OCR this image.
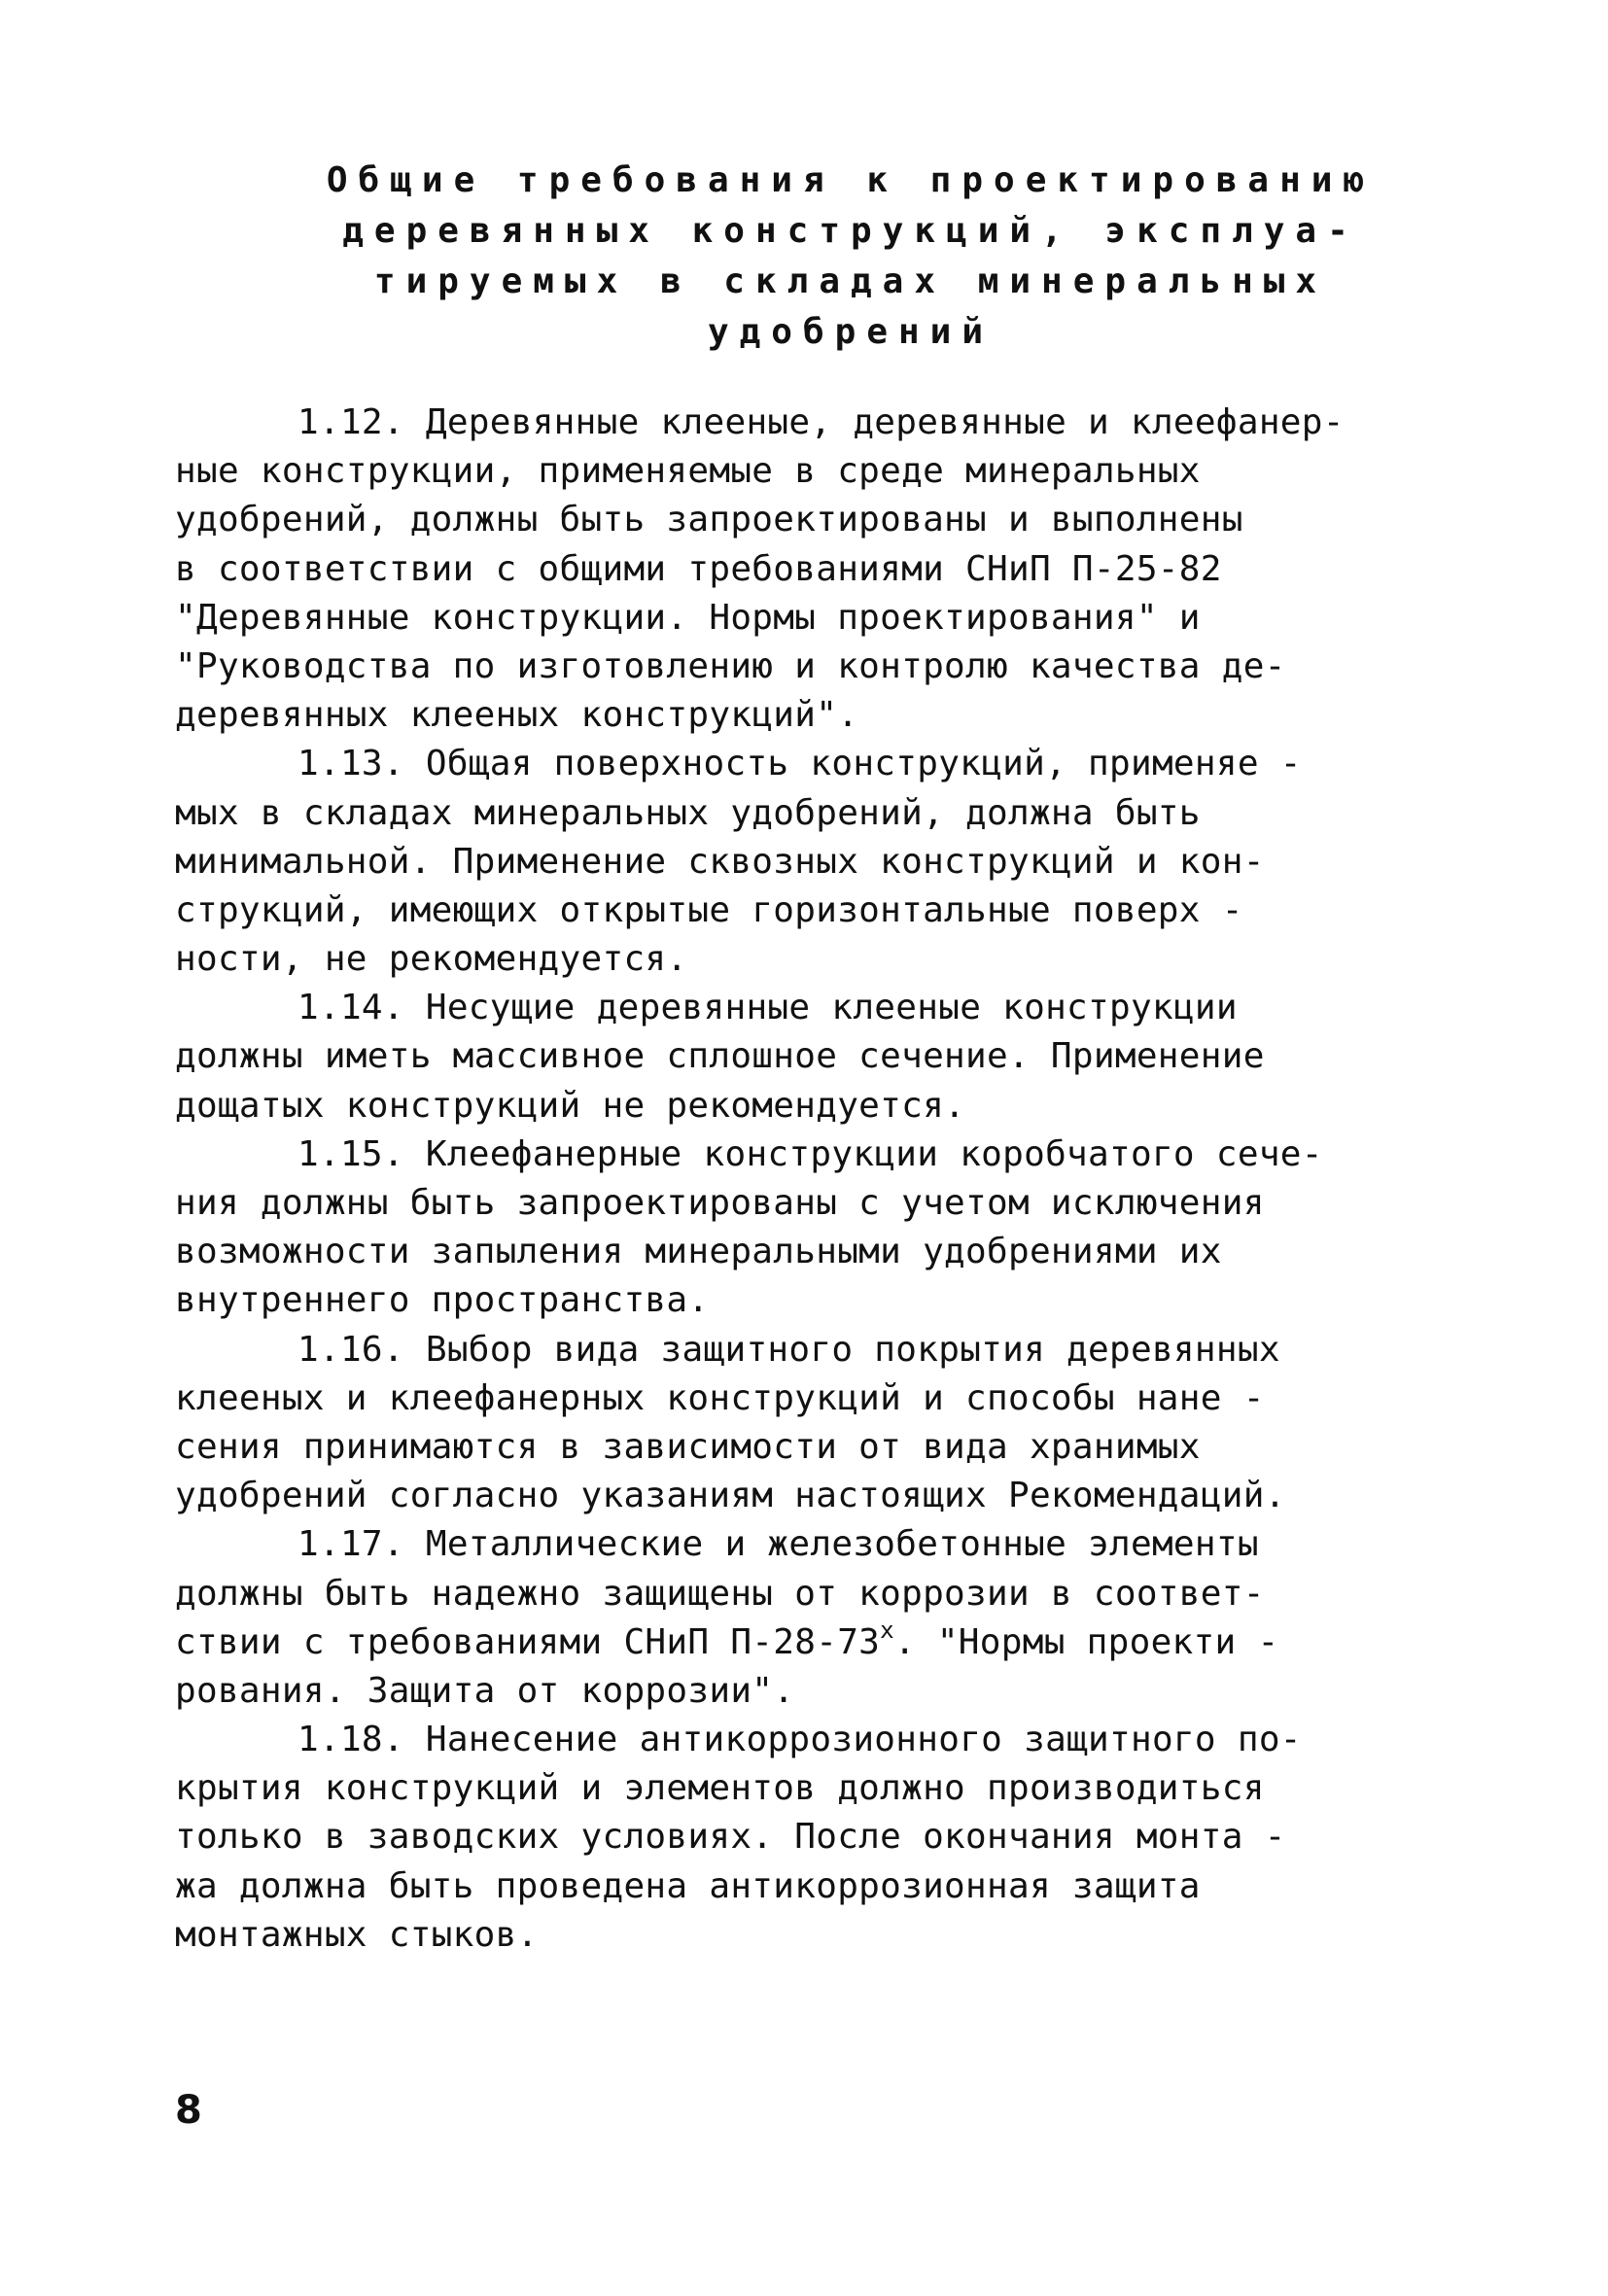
Общие требования к проектированию
деревянных конструкций, эксплуа-
тируемых в складах минеральных
удобрений
1.12. Деревянные клееные, деревянные и клеефанер-
ные конструкции, применяемые в среде минеральных
удобрений, должны быть запроектированы и выполнены
в соответствии с общими требованиями СНиП П-25-82
"Деревянные конструкции. Нормы проектирования" и
"Руководства по изготовлению и контролю качества де-
деревянных клееных конструкций".
1.13. Общая поверхность конструкций, применяе -
мых в складах минеральных удобрений, должна быть
минимальной. Применение сквозных конструкций и кон-
струкций, имеющих открытые горизонтальные поверх -
ности, не рекомендуется.
1.14. Несущие деревянные клееные конструкции
должны иметь массивное сплошное сечение. Применение
дощатых конструкций не рекомендуется.
1.15. Клеефанерные конструкции коробчатого сече-
ния должны быть запроектированы с учетом исключения
возможности запыления минеральными удобрениями их
внутреннего пространства.
1.16. Выбор вида защитного покрытия деревянных
клееных и клеефанерных конструкций и способы нане -
сения принимаются в зависимости от вида хранимых
удобрений согласно указаниям настоящих Рекомендаций.
1.17. Металлические и железобетонные элементы
должны быть надежно защищены от коррозии в соответ-
ствии с требованиями СНиП $П-28-73^х$. "Нормы проекти -
рования. Защита от коррозии".
1.18. Нанесение антикоррозионного защитного по-
крытия конструкций и элементов должно производиться
только в заводских условиях. После окончания монта -
жа должна быть проведена антикоррозионная защита
монтажных стыков.
8
